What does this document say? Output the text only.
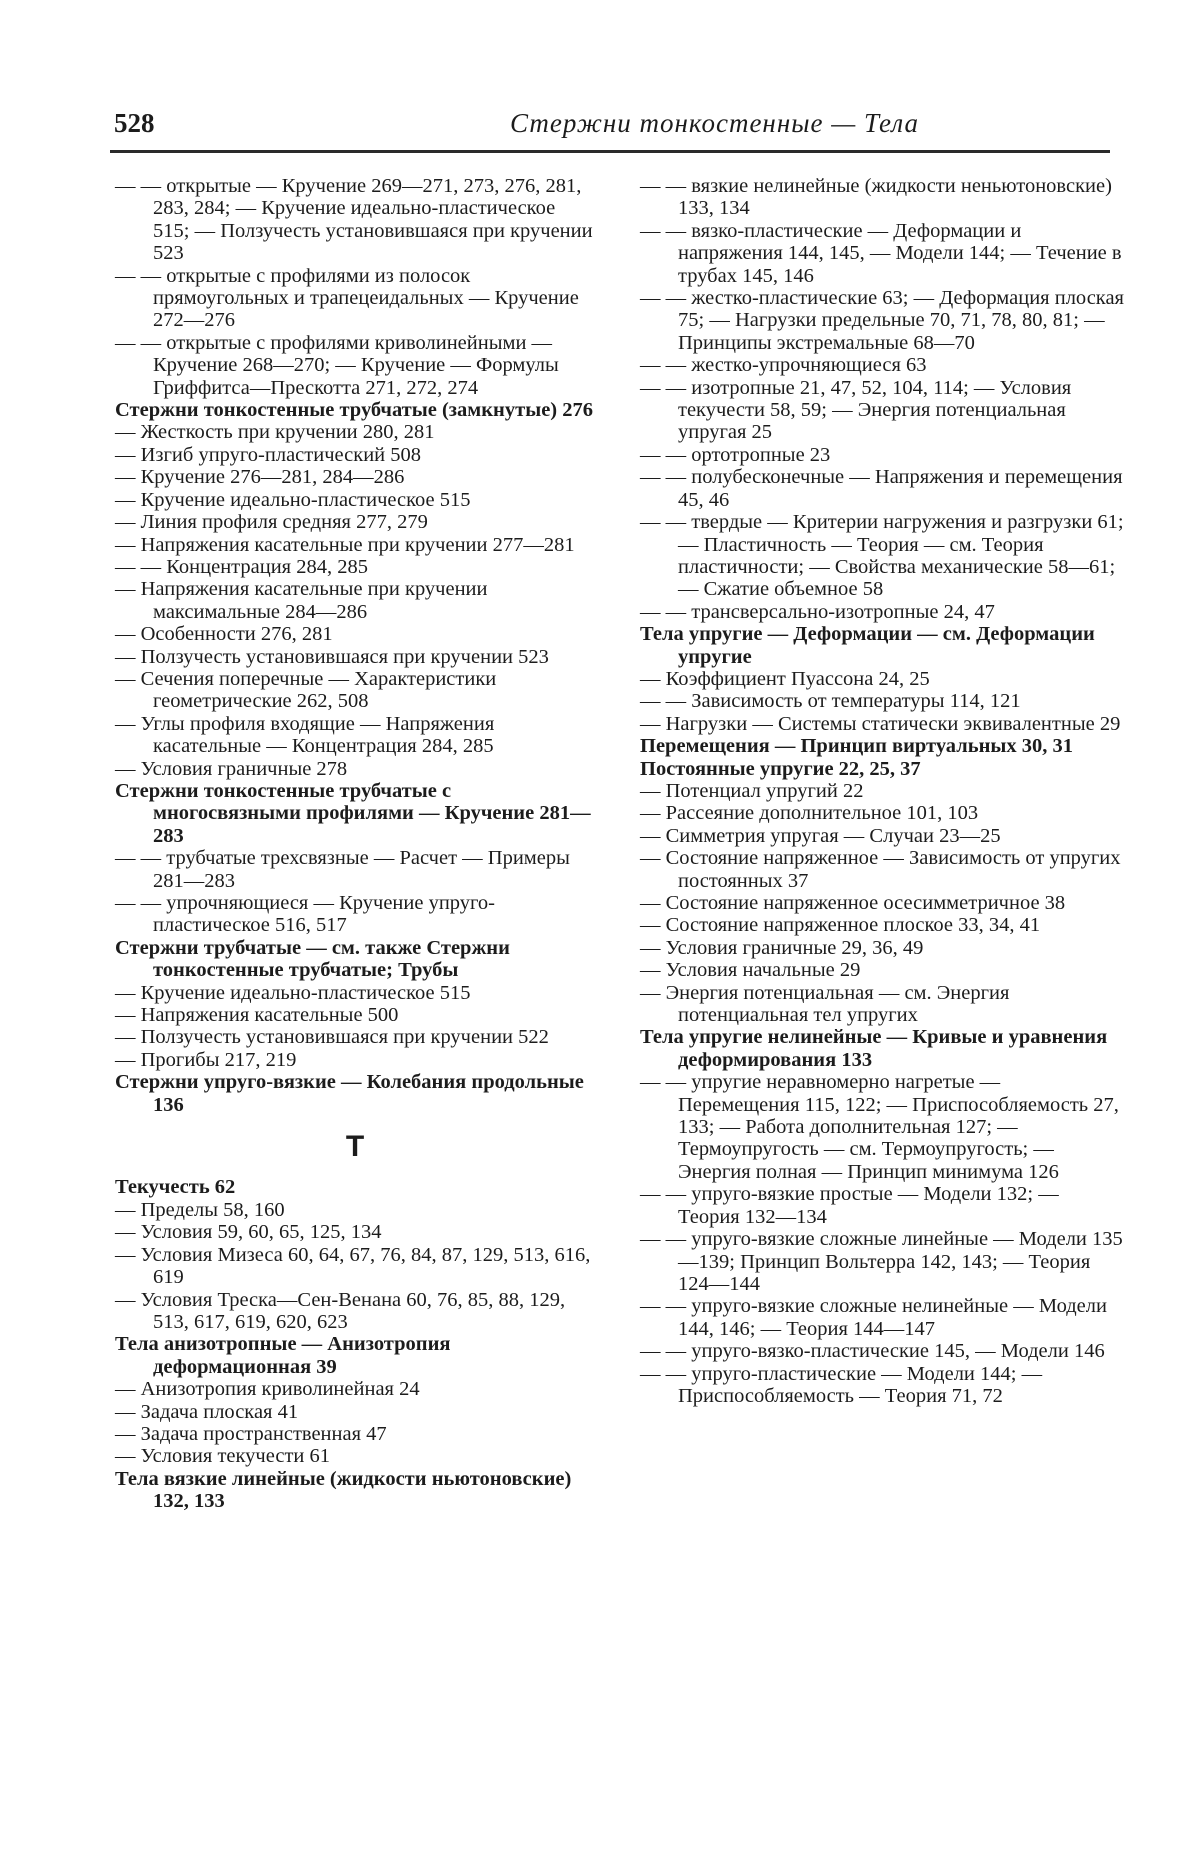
528	Стержни тонкостенные — Тела

— — открытые — Кручение 269—271, 273, 276, 281, 283, 284; — Кручение идеально-пластическое 515; — Ползучесть установившаяся при кручении 523

— — открытые с профилями из полосок прямоугольных и трапецеидальных — Кручение 272—276

— — открытые с профилями криволинейными — Кручение 268—270; — Кручение — Формулы Гриффитса—Прескотта 271, 272, 274

Стержни тонкостенные трубчатые (замкнутые) 276

— Жесткость при кручении 280, 281

— Изгиб упруго-пластический 508

— Кручение 276—281, 284—286

— Кручение идеально-пластическое 515

— Линия профиля средняя 277, 279

— Напряжения касательные при кручении 277—281

— — Концентрация 284, 285

— Напряжения касательные при кручении максимальные 284—286

— Особенности 276, 281

— Ползучесть установившаяся при кручении 523

— Сечения поперечные — Характеристики геометрические 262, 508

— Углы профиля входящие — Напряжения касательные — Концентрация 284, 285

— Условия граничные 278

Стержни тонкостенные трубчатые с многосвязными профилями — Кручение 281—283

— — трубчатые трехсвязные — Расчет — Примеры 281—283

— — упрочняющиеся — Кручение упруго-пластическое 516, 517

Стержни трубчатые — см. также Стержни тонкостенные трубчатые; Трубы

— Кручение идеально-пластическое 515

— Напряжения касательные 500

— Ползучесть установившаяся при кручении 522

— Прогибы 217, 219

Стержни упруго-вязкие — Колебания продольные 136

Т

Текучесть 62

— Пределы 58, 160

— Условия 59, 60, 65, 125, 134

— Условия Мизеса 60, 64, 67, 76, 84, 87, 129, 513, 616, 619

— Условия Треска—Сен-Венана 60, 76, 85, 88, 129, 513, 617, 619, 620, 623

Тела анизотропные — Анизотропия деформационная 39

— Анизотропия криволинейная 24

— Задача плоская 41

— Задача пространственная 47

— Условия текучести 61

Тела вязкие линейные (жидкости ньютоновские) 132, 133

— — вязкие нелинейные (жидкости неньютоновские) 133, 134

— — вязко-пластические — Деформации и напряжения 144, 145, — Модели 144; — Течение в трубах 145, 146

— — жестко-пластические 63; — Деформация плоская 75; — Нагрузки предельные 70, 71, 78, 80, 81; — Принципы экстремальные 68—70

— — жестко-упрочняющиеся 63

— — изотропные 21, 47, 52, 104, 114; — Условия текучести 58, 59; — Энергия потенциальная упругая 25

— — ортотропные 23

— — полубесконечные — Напряжения и перемещения 45, 46

— — твердые — Критерии нагружения и разгрузки 61; — Пластичность — Теория — см. Теория пластичности; — Свойства механические 58—61; — Сжатие объемное 58

— — трансверсально-изотропные 24, 47

Тела упругие — Деформации — см. Деформации упругие

— Коэффициент Пуассона 24, 25

— — Зависимость от температуры 114, 121

— Нагрузки — Системы статически эквивалентные 29

Перемещения — Принцип виртуальных 30, 31

Постоянные упругие 22, 25, 37

— Потенциал упругий 22

— Рассеяние дополнительное 101, 103

— Симметрия упругая — Случаи 23—25

— Состояние напряженное — Зависимость от упругих постоянных 37

— Состояние напряженное осесимметричное 38

— Состояние напряженное плоское 33, 34, 41

— Условия граничные 29, 36, 49

— Условия начальные 29

— Энергия потенциальная — см. Энергия потенциальная тел упругих

Тела упругие нелинейные — Кривые и уравнения деформирования 133

— — упругие неравномерно нагретые — Перемещения 115, 122; — Приспособляемость 27, 133; — Работа дополнительная 127; — Термоупругость — см. Термоупругость; — Энергия полная — Принцип минимума 126

— — упруго-вязкие простые — Модели 132; — Теория 132—134

— — упруго-вязкие сложные линейные — Модели 135—139; Принцип Вольтерра 142, 143; — Теория 124—144

— — упруго-вязкие сложные нелинейные — Модели 144, 146; — Теория 144—147

— — упруго-вязко-пластические 145, — Модели 146

— — упруго-пластические — Модели 144; — Приспособляемость — Теория 71, 72
